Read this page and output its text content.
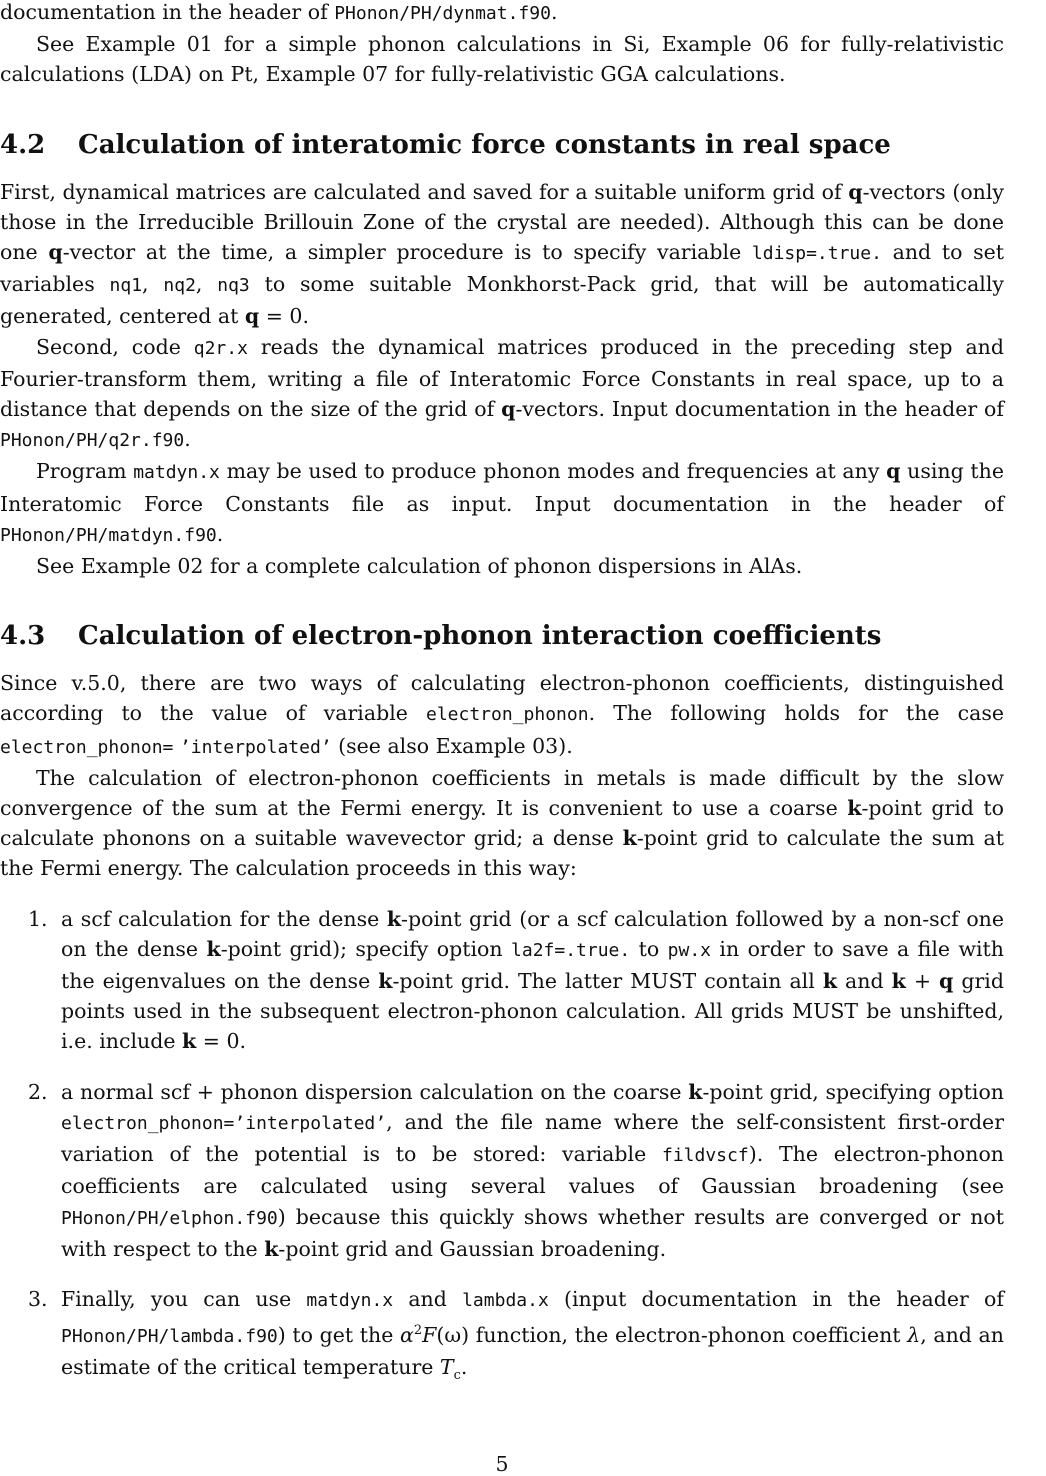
documentation in the header of PHonon/PH/dynmat.f90.

See Example 01 for a simple phonon calculations in Si, Example 06 for fully-relativistic calculations (LDA) on Pt, Example 07 for fully-relativistic GGA calculations.

4.2 Calculation of interatomic force constants in real space

First, dynamical matrices are calculated and saved for a suitable uniform grid of q-vectors (only those in the Irreducible Brillouin Zone of the crystal are needed). Although this can be done one q-vector at the time, a simpler procedure is to specify variable ldisp=.true. and to set variables nq1, nq2, nq3 to some suitable Monkhorst-Pack grid, that will be automatically generated, centered at q = 0.

Second, code q2r.x reads the dynamical matrices produced in the preceding step and Fourier-transform them, writing a file of Interatomic Force Constants in real space, up to a distance that depends on the size of the grid of q-vectors. Input documentation in the header of PHonon/PH/q2r.f90.

Program matdyn.x may be used to produce phonon modes and frequencies at any q using the Interatomic Force Constants file as input. Input documentation in the header of PHonon/PH/matdyn.f90.

See Example 02 for a complete calculation of phonon dispersions in AlAs.

4.3 Calculation of electron-phonon interaction coefficients

Since v.5.0, there are two ways of calculating electron-phonon coefficients, distinguished according to the value of variable electron_phonon. The following holds for the case electron_phonon= ’interpolated’ (see also Example 03).

The calculation of electron-phonon coefficients in metals is made difficult by the slow convergence of the sum at the Fermi energy. It is convenient to use a coarse k-point grid to calculate phonons on a suitable wavevector grid; a dense k-point grid to calculate the sum at the Fermi energy. The calculation proceeds in this way:

1. a scf calculation for the dense k-point grid (or a scf calculation followed by a non-scf one on the dense k-point grid); specify option la2f=.true. to pw.x in order to save a file with the eigenvalues on the dense k-point grid. The latter MUST contain all k and k + q grid points used in the subsequent electron-phonon calculation. All grids MUST be unshifted, i.e. include k = 0.
2. a normal scf + phonon dispersion calculation on the coarse k-point grid, specifying option electron_phonon=’interpolated’, and the file name where the self-consistent first-order variation of the potential is to be stored: variable fildvscf). The electron-phonon coefficients are calculated using several values of Gaussian broadening (see PHonon/PH/elphon.f90) because this quickly shows whether results are converged or not with respect to the k-point grid and Gaussian broadening.
3. Finally, you can use matdyn.x and lambda.x (input documentation in the header of PHonon/PH/lambda.f90) to get the $\alpha^2F(\omega)$ function, the electron-phonon coefficient λ, and an estimate of the critical temperature $T_c$.
5
